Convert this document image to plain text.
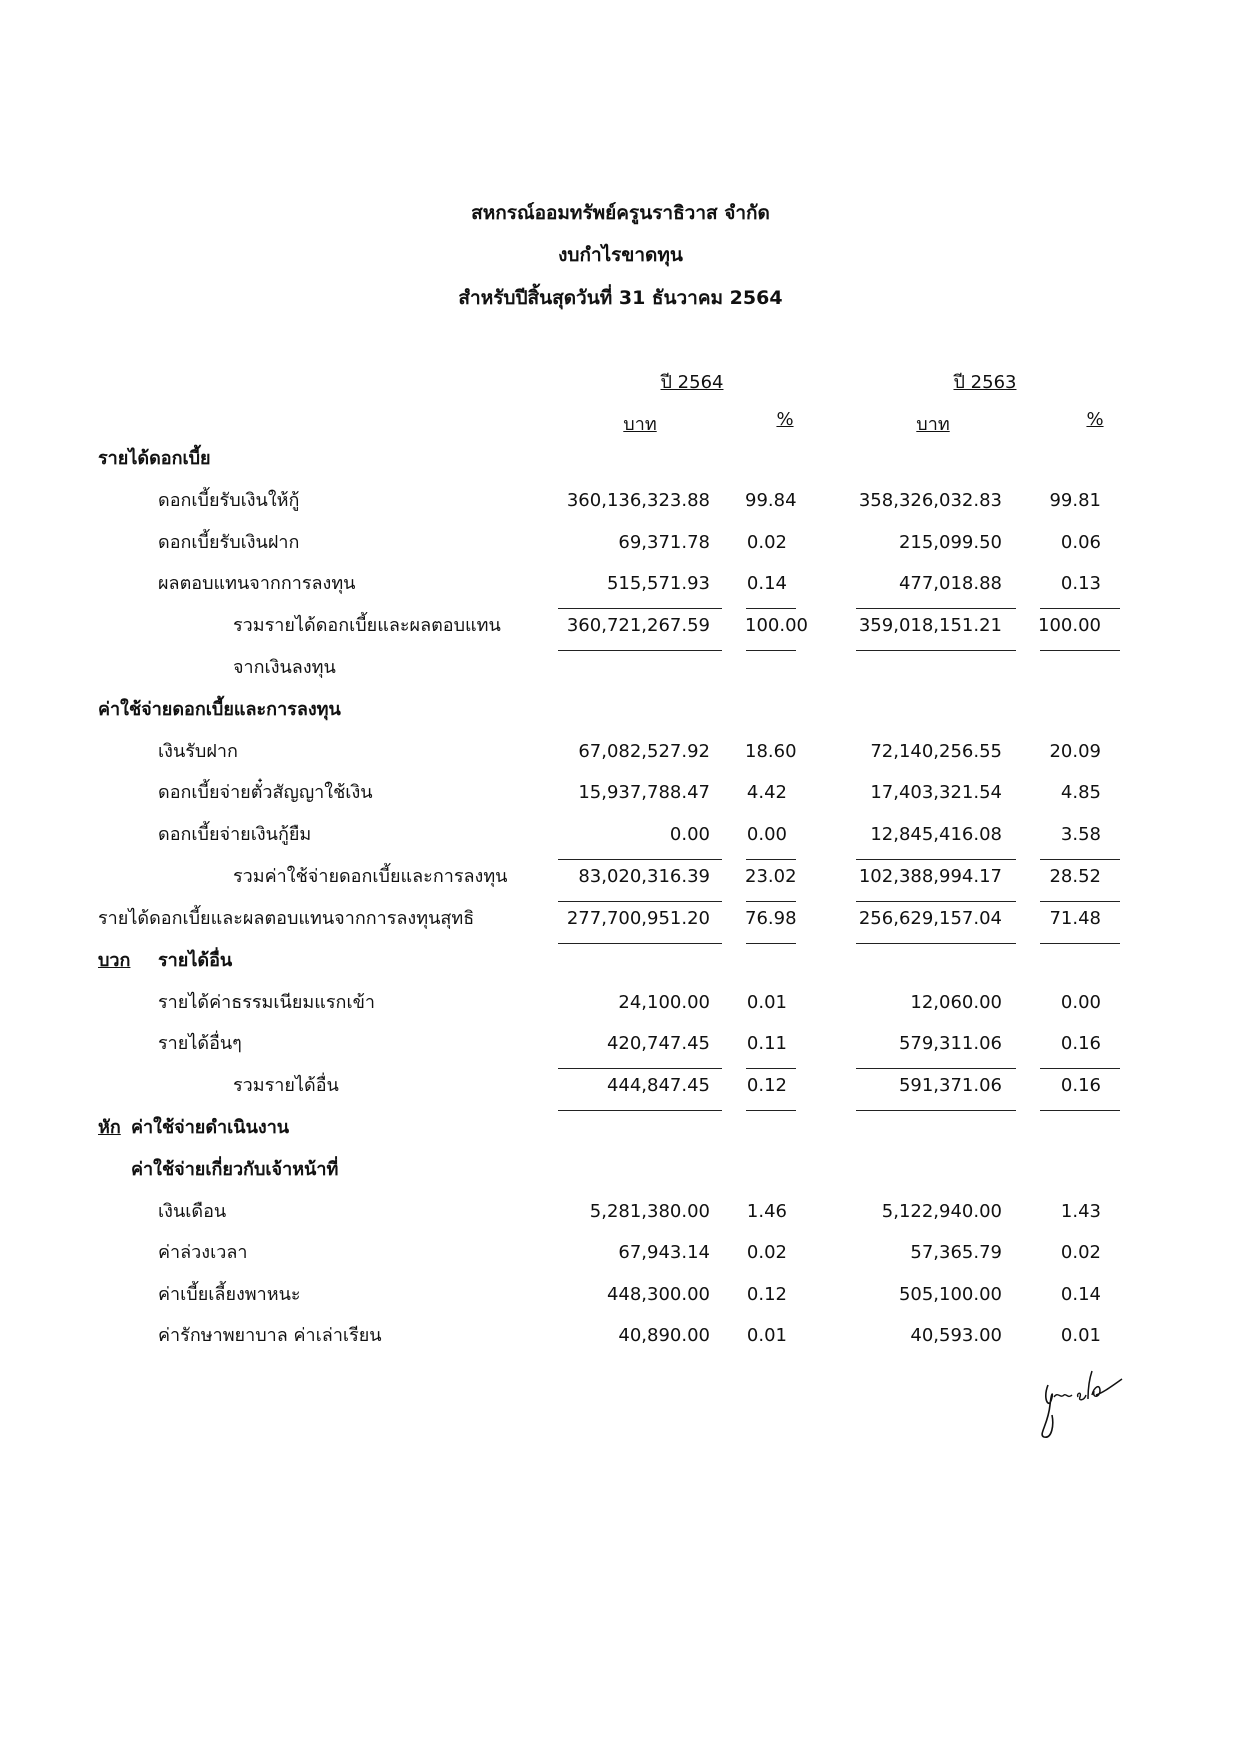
สหกรณ์ออมทรัพย์ครูนราธิวาส จำกัด
งบกำไรขาดทุน
สำหรับปีสิ้นสุดวันที่ 31 ธันวาคม 2564
ปี 2564	ปี 2563
บาท	%	บาท	%
รายได้ดอกเบี้ย
ดอกเบี้ยรับเงินให้กู้	360,136,323.88 99.84	358,326,032.83	99.81
ดอกเบี้ยรับเงินฝาก	69,371.78 0.02	215,099.50	0.06
ผลตอบแทนจากการลงทุน	515,571.93 0.14	477,018.88	0.13
รวมรายได้ดอกเบี้ยและผลตอบแทน	360,721,267.59 100.00	359,018,151.21 100.00
จากเงินลงทุน
ค่าใช้จ่ายดอกเบี้ยและการลงทุน
เงินรับฝาก	67,082,527.92 18.60	72,140,256.55	20.09
ดอกเบี้ยจ่ายตั๋วสัญญาใช้เงิน	15,937,788.47 4.42	17,403,321.54	4.85
ดอกเบี้ยจ่ายเงินกู้ยืม	0.00 0.00	12,845,416.08	3.58
รวมค่าใช้จ่ายดอกเบี้ยและการลงทุน	83,020,316.39 23.02	102,388,994.17	28.52
รายได้ดอกเบี้ยและผลตอบแทนจากการลงทุนสุทธิ	277,700,951.20 76.98	256,629,157.04	71.48
บวก รายได้อื่น
รายได้ค่าธรรมเนียมแรกเข้า	24,100.00 0.01	12,060.00	0.00
รายได้อื่นๆ	420,747.45 0.11	579,311.06	0.16
รวมรายได้อื่น	444,847.45 0.12	591,371.06	0.16
หัก ค่าใช้จ่ายดำเนินงาน
ค่าใช้จ่ายเกี่ยวกับเจ้าหน้าที่
เงินเดือน	5,281,380.00 1.46	5,122,940.00	1.43
ค่าล่วงเวลา	67,943.14 0.02	57,365.79	0.02
ค่าเบี้ยเลี้ยงพาหนะ	448,300.00 0.12	505,100.00	0.14
ค่ารักษาพยาบาล ค่าเล่าเรียน	40,890.00 0.01	40,593.00	0.01
